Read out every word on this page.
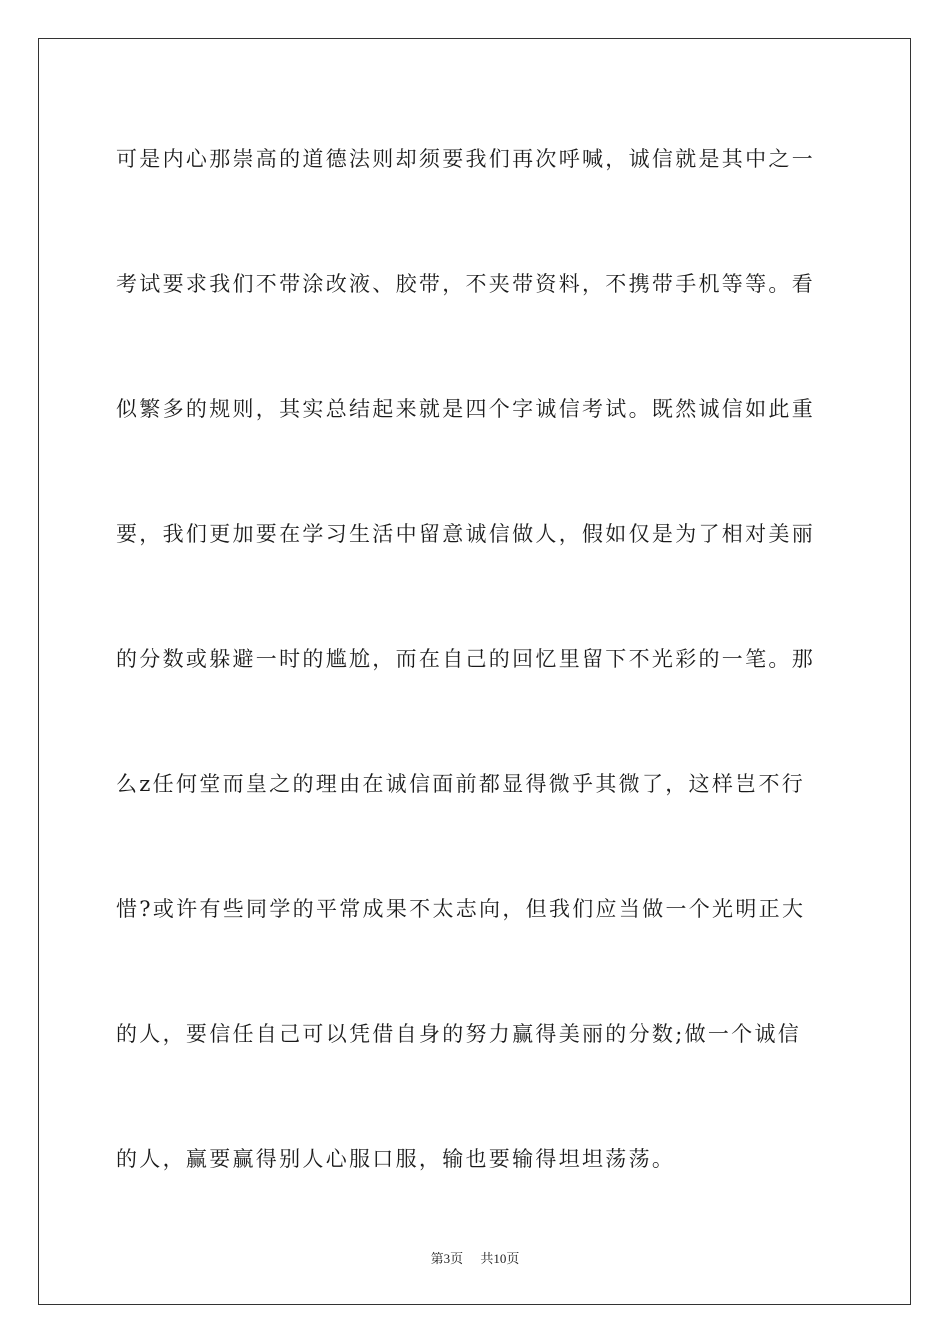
可是内心那崇高的道德法则却须要我们再次呼喊，诚信就是其中之一
考试要求我们不带涂改液、胶带，不夹带资料，不携带手机等等。看
似繁多的规则，其实总结起来就是四个字诚信考试。既然诚信如此重
要，我们更加要在学习生活中留意诚信做人，假如仅是为了相对美丽
的分数或躲避一时的尴尬，而在自己的回忆里留下不光彩的一笔。那
么z任何堂而皇之的理由在诚信面前都显得微乎其微了，这样岂不行
惜?或许有些同学的平常成果不太志向，但我们应当做一个光明正大
的人，要信任自己可以凭借自身的努力赢得美丽的分数;做一个诚信
的人，赢要赢得别人心服口服，输也要输得坦坦荡荡。
第3页 共10页
